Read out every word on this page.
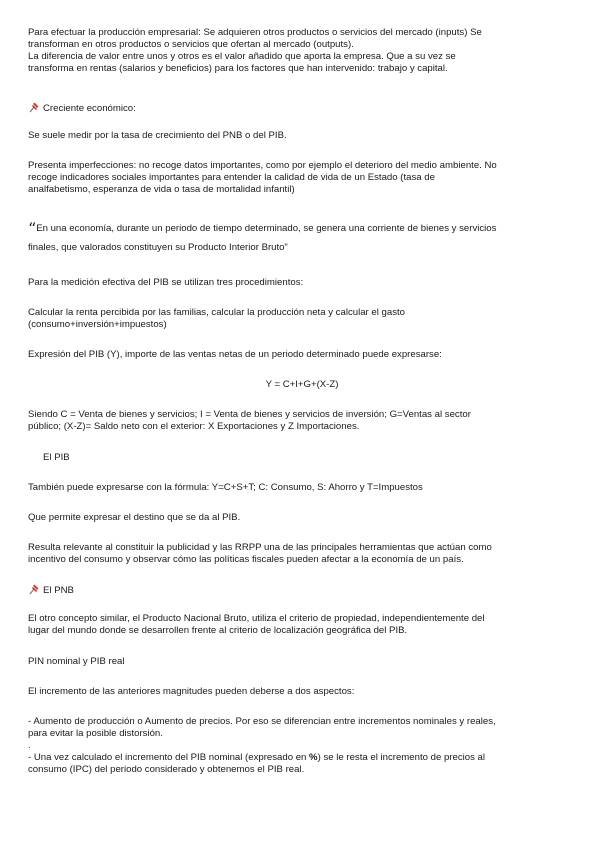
Para efectuar la producción empresarial: Se adquieren otros productos o servicios del mercado (inputs) Se
transforman en otros productos o servicios que ofertan al mercado (outputs).
La diferencia de valor entre unos y otros es el valor añadido que aporta la empresa. Que a su vez se
transforma en rentas (salarios y beneficios) para los factores que han intervenido: trabajo y capital.
Creciente económico:
Se suele medir por la tasa de crecimiento del PNB o del PIB.
Presenta imperfecciones: no recoge datos importantes, como por ejemplo el deterioro del medio ambiente. No
recoge indicadores sociales importantes para entender la calidad de vida de un Estado (tasa de
analfabetismo, esperanza de vida o tasa de mortalidad infantil)
“En una economía, durante un periodo de tiempo determinado, se genera una corriente de bienes y servicios
finales, que valorados constituyen su Producto Interior Bruto”
Para la medición efectiva del PIB se utilizan tres procedimientos:
Calcular la renta percibida por las familias, calcular la producción neta y calcular el gasto
(consumo+inversión+impuestos)
Expresión del PIB (Y), importe de las ventas netas de un periodo determinado puede expresarse:
Y = C+I+G+(X-Z)
Siendo C = Venta de bienes y servicios; I = Venta de bienes y servicios de inversión; G=Ventas al sector
público; (X-Z)= Saldo neto con el exterior: X Exportaciones y Z Importaciones.
El PIB
También puede expresarse con la fórmula: Y=C+S+T; C: Consumo, S: Ahorro y T=Impuestos
Que permite expresar el destino que se da al PIB.
Resulta relevante al constituir la publicidad y las RRPP una de las principales herramientas que actúan como
incentivo del consumo y observar cómo las políticas fiscales pueden afectar a la economía de un país.
El PNB
El otro concepto similar, el Producto Nacional Bruto, utiliza el criterio de propiedad, independientemente del
lugar del mundo donde se desarrollen frente al criterio de localización geográfica del PIB.
PIN nominal y PIB real
El incremento de las anteriores magnitudes pueden deberse a dos aspectos:
- Aumento de producción o Aumento de precios. Por eso se diferencian entre incrementos nominales y reales,
para evitar la posible distorsión.
.
- Una vez calculado el incremento del PIB nominal (expresado en %) se le resta el incremento de precios al
consumo (IPC) del periodo considerado y obtenemos el PIB real.
